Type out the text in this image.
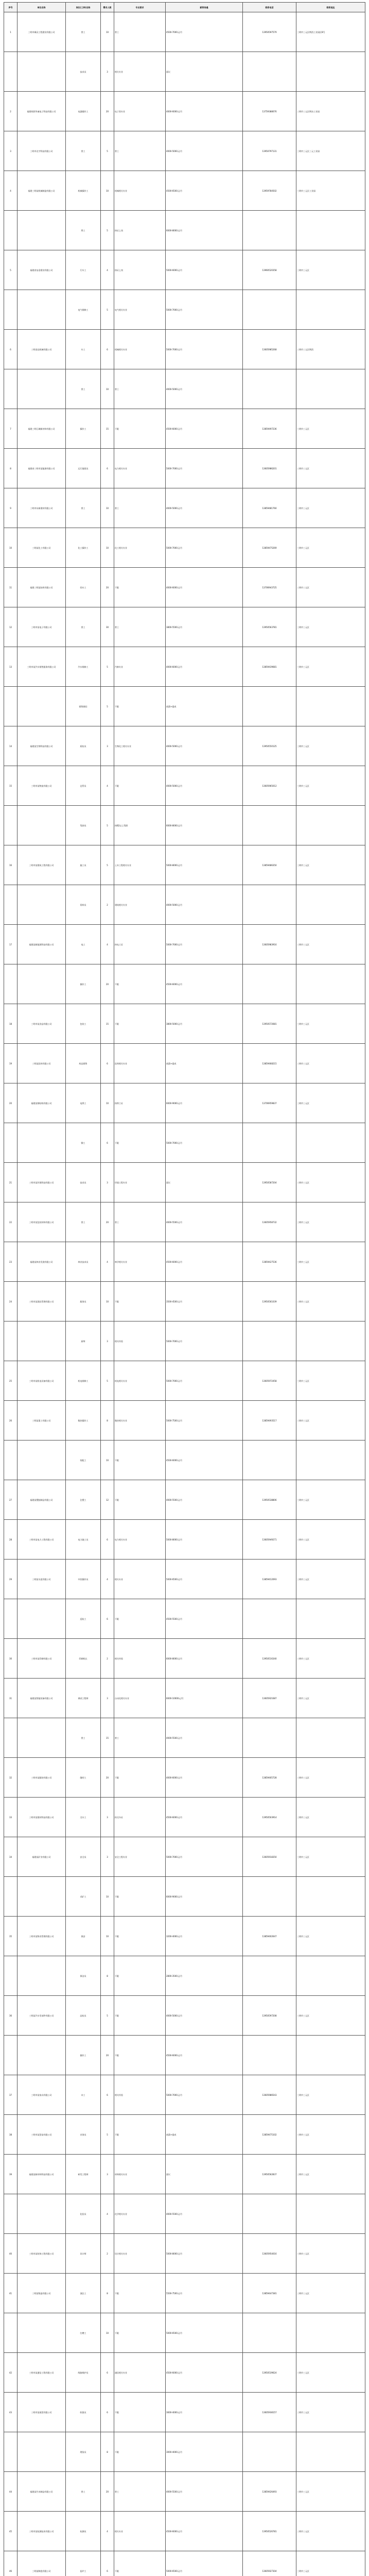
序号	单位名称	岗位(工种)名称	需求人数	专业要求	薪资待遇	联系电话	联系地址
1	三明市城众工程建设有限公司	普工	10	普工	4500-7000元/月	13950597579	三明市三元区荆西工业园区8号
		技术员	3	相关专业	面议		
2	福建致胜华诚电子科技有限公司	电器操作工	20	电子类专业	4000-6000元/月	13759388076	三明市三元区荆东工业园
3	三明市光宇科技有限公司	普工	5	普工	4000-5000元/月	13950797131	三明市三元区三元工业园
4	福建三明某机械制造有限公司	机械操作工	10	机械相关专业	4500-6500元/月	13959784502	三明市三元区工业园
		焊工	5	持证上岗	6000-8000元/月		
5	福建省冶金建设有限公司	行车工	4	持证上岗	5000-6000元/月	13960520358	三明市三元区
		电气维修工	5	电气相关专业	5000-7000元/月		
6	三明金达机械有限公司	车工	6	机械相关专业	5000-7000元/月	13605985268	三明市三元区荆西
		普工	10	普工	4000-5000元/月		
7	福建三明石城新材料有限公司	操作工	15	不限	4500-6000元/月	13859497236	三明市三元区
8	福建省三明市某能源有限公司	运行值班员	6	电力相关专业	5000-7000元/月	13605986201	三明市三元区
9	三明市东新建材有限公司	普工	10	普工	4000-5000元/月	13859481760	三明市三元区
10	三明某化工有限公司	化工操作工	10	化工相关专业	5000-7000元/月	13859475269	三明市三元区
11	福建三明某纺织有限公司	挡车工	20	不限	4000-6000元/月	13706943725	三明市三元区
12	三明市某电子有限公司	普工	30	普工	3800-5500元/月	13950563781	三明市三元区
13	三明市某汽车销售服务有限公司	汽车维修工	5	汽修专业	4000-6000元/月	13859439681	三明市三元区
		销售顾问	5	不限	底薪+提成		
14	福建某生物科技有限公司	质检员	3	生物化工相关专业	4000-5000元/月	13950550125	三明市三元区
15	三明市某物流有限公司	仓管员	4	不限	4000-5000元/月	13605965012	三明市三元区
		驾驶员	5	持B2以上驾照	6000-8000元/月		
16	三明市某建筑工程有限公司	施工员	5	土木工程相关专业	5000-8000元/月	13859486350	三明市三元区
		资料员	2	建筑相关专业	4000-5000元/月		
17	福建某新能源科技有限公司	电工	4	持电工证	5000-7000元/月	13605983916	三明市三元区
		操作工	20	不限	4500-6000元/月		
18	三明市某食品有限公司	包装工	15	不限	3800-5000元/月	13950572681	三明市三元区
19	三明某医药有限公司	药品销售	6	医药相关专业	底薪+提成	13859468215	三明市三元区
20	福建某钢结构有限公司	电焊工	10	持焊工证	6000-9000元/月	13706959837	三明市三元区
		铆工	6	不限	5000-7000元/月		
21	三明市某环保科技有限公司	技术员	3	环境工程专业	面议	13950587204	三明市三元区
22	三明市某包装材料有限公司	普工	20	普工	4000-5500元/月	13605958732	三明市三元区
23	福建某林业发展有限公司	林业技术员	4	林学相关专业	4500-6000元/月	13859427536	三明市三元区
24	三明市某酒店管理有限公司	服务员	10	不限	3500-4500元/月	13950561039	三明市三元区
		厨师	3	相关经验	5000-7000元/月		
25	三明市某机电设备有限公司	机电维修工	5	机电相关专业	5000-7000元/月	13605972458	三明市三元区
26	三明某重工有限公司	数控操作工	8	数控相关专业	5000-7500元/月	13859493517	三明市三元区
		装配工	10	不限	4500-6000元/月		
27	福建某塑胶制品有限公司	注塑工	12	不限	4000-5500元/月	13950538806	三明市三元区
28	三明市某电力工程有限公司	电力施工员	6	电力相关专业	5000-8000元/月	13605949271	三明市三元区
29	三明某水泥有限公司	中控操作员	4	相关专业	5000-6500元/月	13859412093	三明市三元区
		巡检工	6	不限	4500-5500元/月		
30	三明市某印刷有限公司	印刷机长	2	相关经验	6000-8000元/月	13950516340	三明市三元区
31	福建某智能装备有限公司	调试工程师	3	自动化相关专业	6000-10000元/月	13605921687	三明市三元区
		普工	15	普工	4000-5500元/月		
32	三明市某服装有限公司	缝纫工	20	不限	4000-6000元/月	13859405728	三明市三元区
33	三明市某建材科技有限公司	叉车工	3	持叉车证	4500-6000元/月	13950503914	三明市三元区
34	福建某矿业有限公司	安全员	3	安全工程专业	5000-7000元/月	13605918350	三明市三元区
		采矿工	10	不限	6000-9000元/月		
35	三明市某物业管理有限公司	保安	10	不限	3200-4000元/月	13859402647	三明市三元区
		保洁员	8	不限	2800-3500元/月		
36	三明某汽车零部件有限公司	品检员	5	不限	4000-5000元/月	13950597208	三明市三元区
		操作工	20	不限	4500-6000元/月		
37	三明市某家具有限公司	木工	6	相关经验	5000-7000元/月	13605986543	三明市三元区
38	三明市某贸易有限公司	业务员	5	不限	底薪+提成	13859475102	三明市三元区
39	福建某新材料科技有限公司	研发工程师	3	材料相关专业	面议	13950562837	三明市三元区
		化验员	4	化学相关专业	4000-5500元/月		
40	三明市某装饰工程有限公司	设计师	2	设计相关专业	5000-8000元/月	13605954016	三明市三元区
41	三明某铸造有限公司	浇注工	8	不限	5500-7500元/月	13859447381	三明市三元区
		打磨工	10	不限	5000-6500元/月		
42	三明市某通信工程有限公司	线路维护员	6	通信相关专业	4500-6000元/月	13950539624	三明市三元区
43	三明市某商贸有限公司	收银员	6	不限	3000-4000元/月	13605938157	三明市三元区
		理货员	8	不限	3000-4000元/月		
44	福建某竹木制品有限公司	普工	20	普工	4000-5500元/月	13859426493	三明市三元区
45	三明市某检测技术有限公司	检测员	4	相关专业	4500-6000元/月	13950526781	三明市三元区
46	三明某陶瓷有限公司	窑炉工	6	不限	5000-6500元/月	13605927304	三明市三元区
